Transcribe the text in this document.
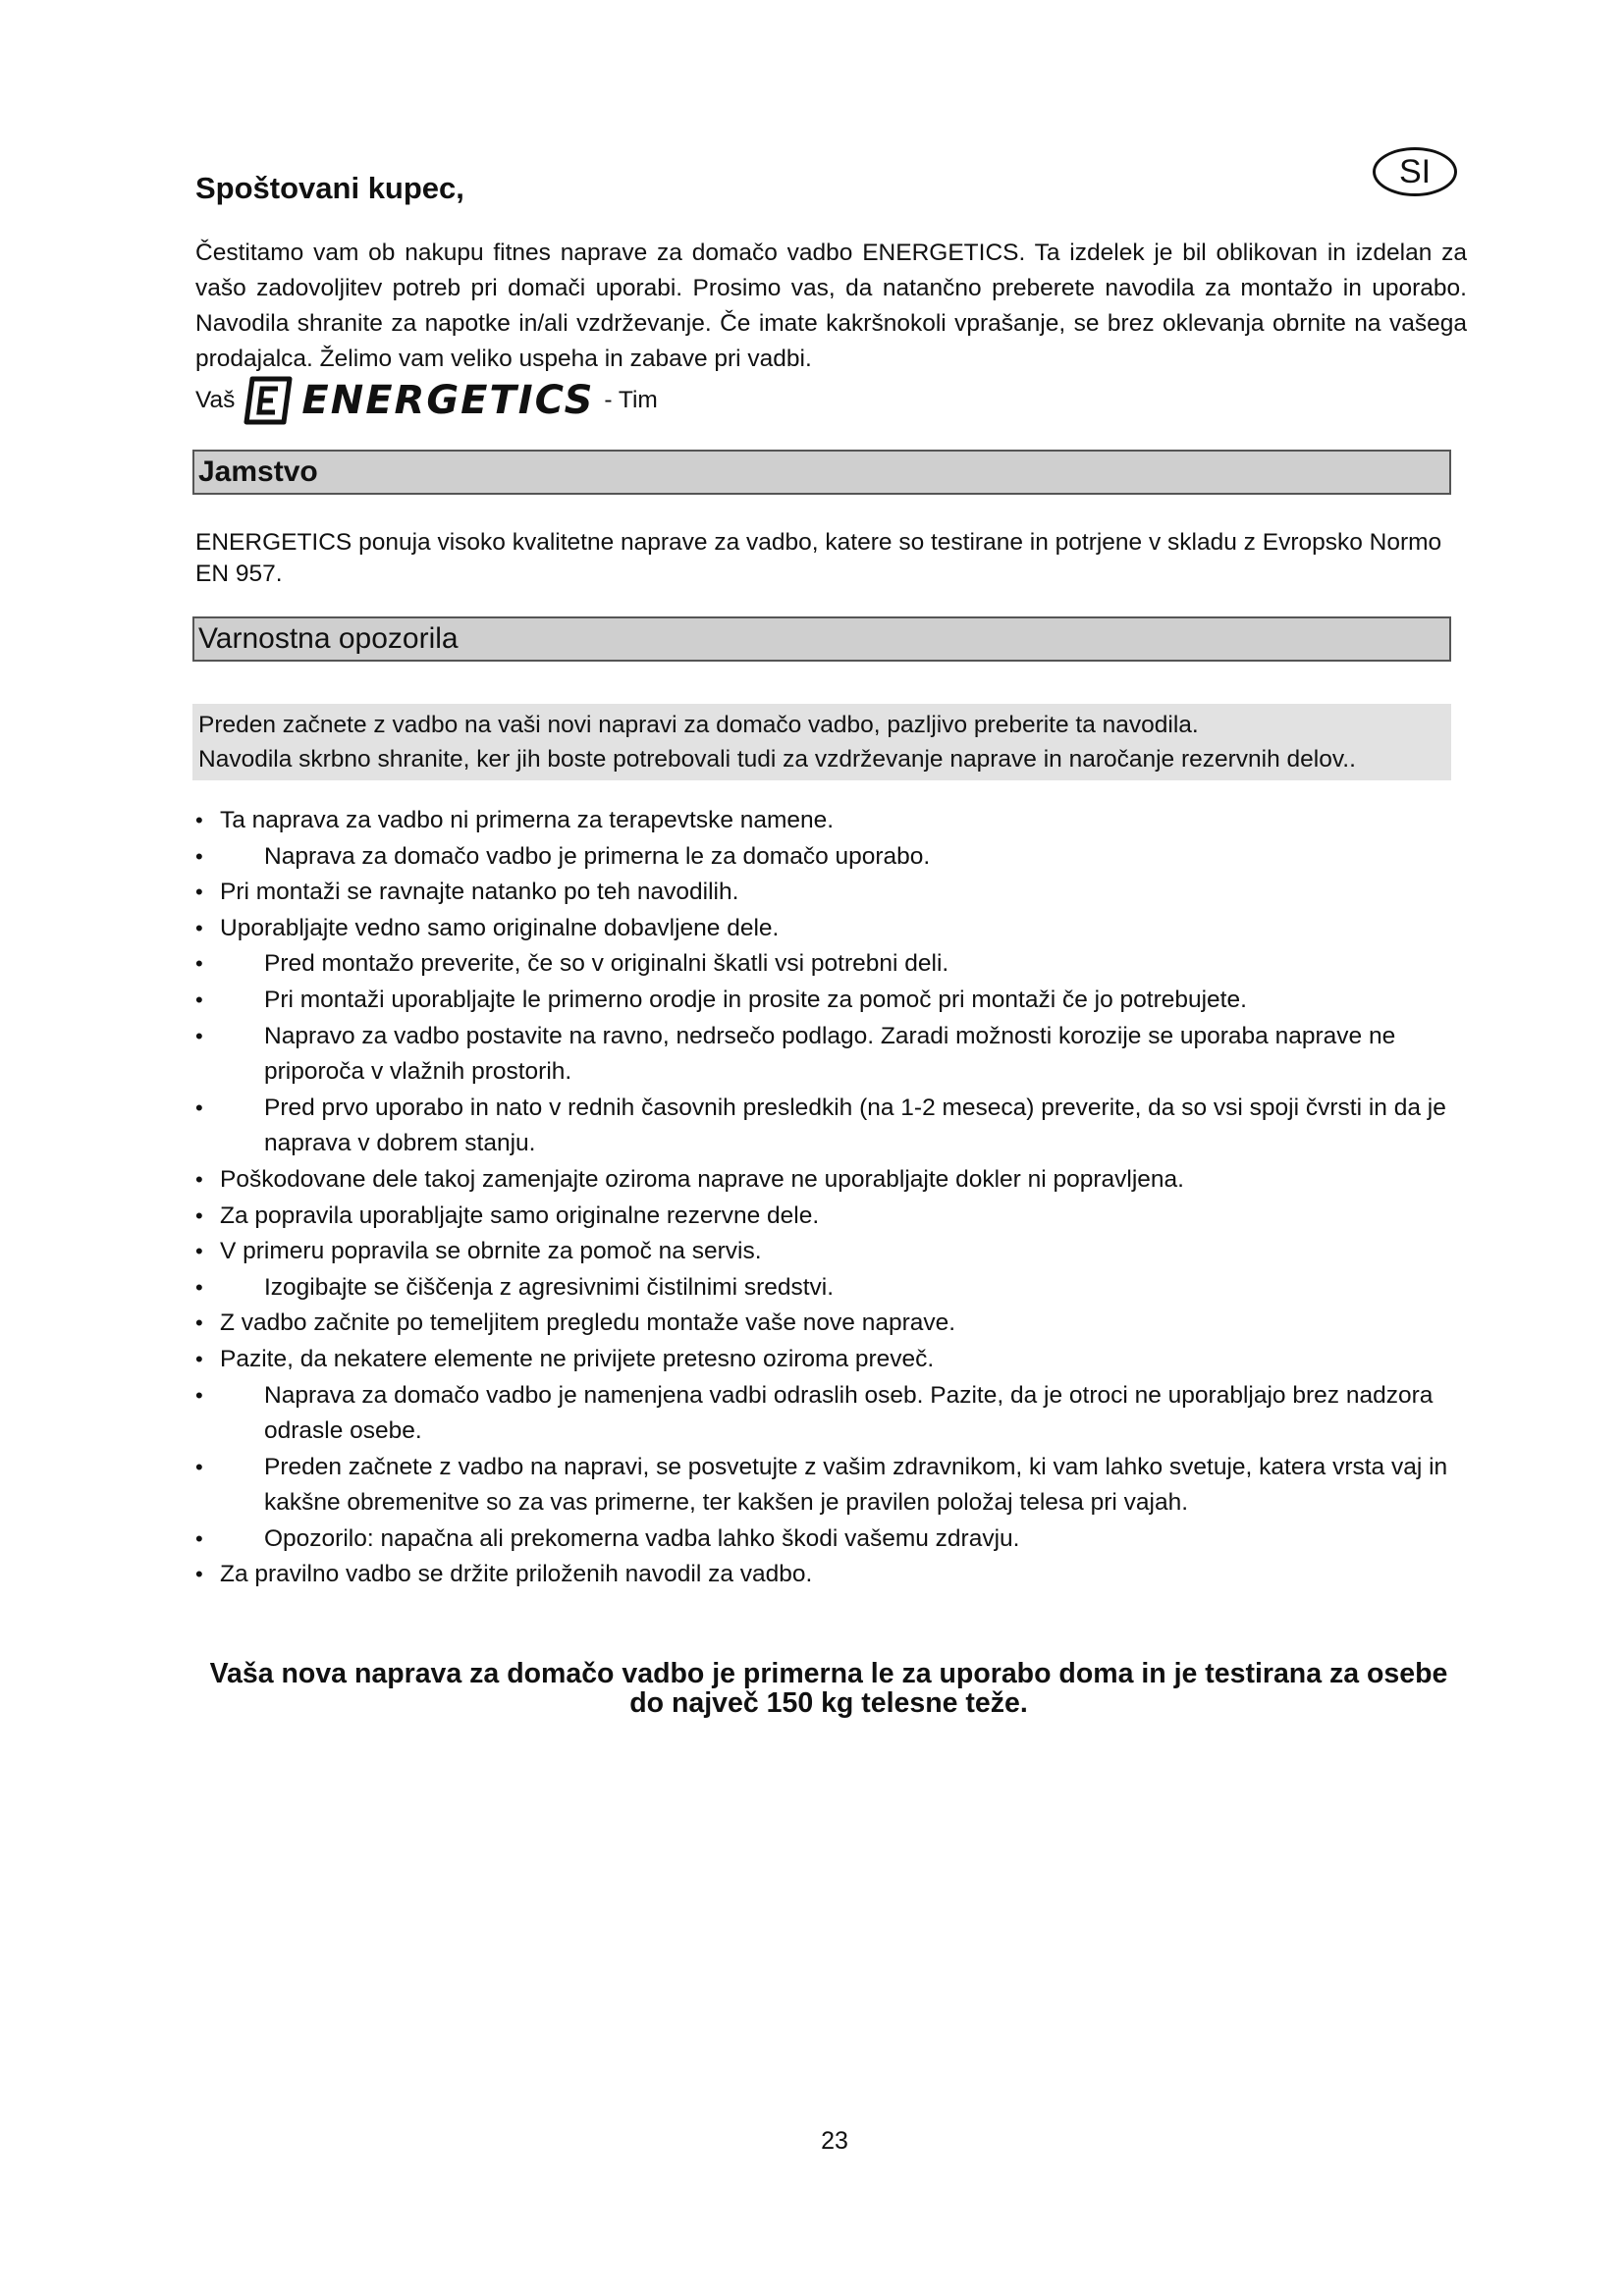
Spoštovani kupec,	SI

Čestitamo vam ob nakupu fitnes naprave za domačo vadbo ENERGETICS. Ta izdelek je bil oblikovan in izdelan za vašo zadovoljitev potreb pri domači uporabi. Prosimo vas, da natančno preberete navodila za montažo in uporabo. Navodila shranite za napotke in/ali vzdrževanje. Če imate kakršnokoli vprašanje, se brez oklevanja obrnite na vašega prodajalca. Želimo vam veliko uspeha in zabave pri vadbi.

Vaš ENERGETICS - Tim
Jamstvo

ENERGETICS ponuja visoko kvalitetne naprave za vadbo, katere so testirane in potrjene v skladu z Evropsko Normo EN 957.

Varnostna opozorila
Preden začnete z vadbo na vaši novi napravi za domačo vadbo, pazljivo preberite ta navodila.
Navodila skrbno shranite, ker jih boste potrebovali tudi za vzdrževanje naprave in naročanje rezervnih delov..
• Ta naprava za vadbo ni primerna za terapevtske namene.
•	Naprava za domačo vadbo je primerna le za domačo uporabo.
• Pri montaži se ravnajte natanko po teh navodilih.
• Uporabljajte vedno samo originalne dobavljene dele.
•	Pred montažo preverite, če so v originalni škatli vsi potrebni deli.
•	Pri montaži uporabljajte le primerno orodje in prosite za pomoč pri montaži če jo potrebujete.
•	Napravo za vadbo postavite na ravno, nedrsečo podlago. Zaradi možnosti korozije se uporaba naprave ne priporoča v vlažnih prostorih.
•	Pred prvo uporabo in nato v rednih časovnih presledkih (na 1-2 meseca) preverite, da so vsi spoji čvrsti in da je naprava v dobrem stanju.
• Poškodovane dele takoj zamenjajte oziroma naprave ne uporabljajte dokler ni popravljena.
• Za popravila uporabljajte samo originalne rezervne dele.
• V primeru popravila se obrnite za pomoč na servis.
•	Izogibajte se čiščenja z agresivnimi čistilnimi sredstvi.
• Z vadbo začnite po temeljitem pregledu montaže vaše nove naprave.
• Pazite, da nekatere elemente ne privijete pretesno oziroma preveč.
•	Naprava za domačo vadbo je namenjena vadbi odraslih oseb. Pazite, da je otroci ne uporabljajo brez nadzora odrasle osebe.
•	Preden začnete z vadbo na napravi, se posvetujte z vašim zdravnikom, ki vam lahko svetuje, katera vrsta vaj in kakšne obremenitve so za vas primerne, ter kakšen je pravilen položaj telesa pri vajah.
•	Opozorilo: napačna ali prekomerna vadba lahko škodi vašemu zdravju.
• Za pravilno vadbo se držite priloženih navodil za vadbo.
Vaša nova naprava za domačo vadbo je primerna le za uporabo doma in je testirana za osebe
do največ 150 kg telesne teže.
23
